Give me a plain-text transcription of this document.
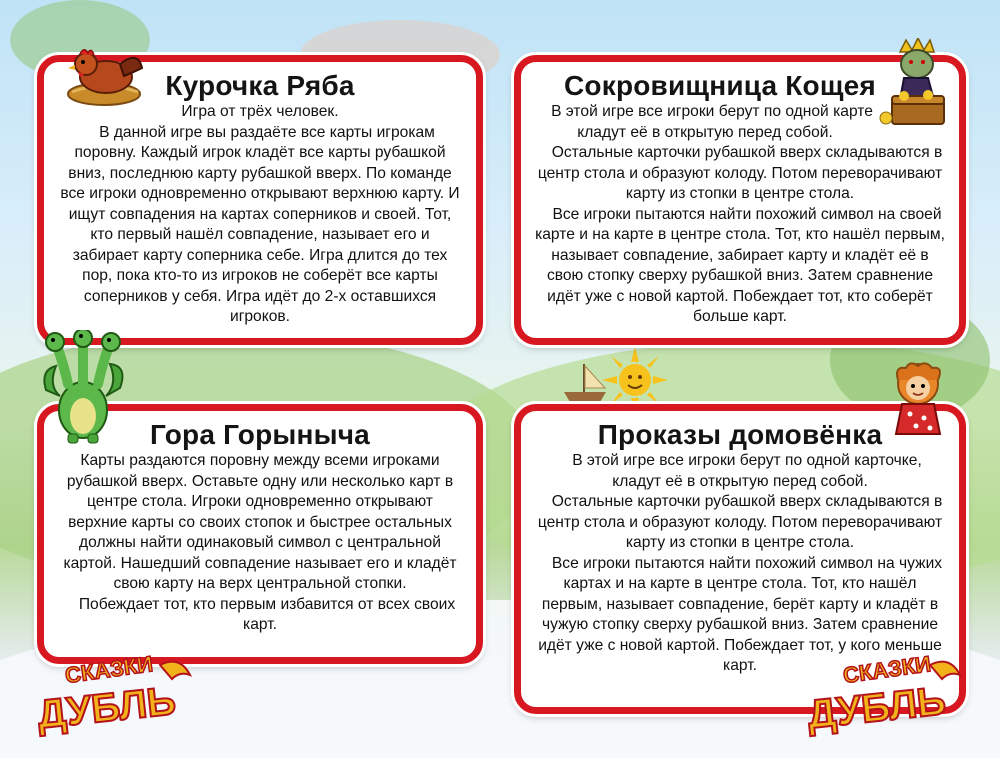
Курочка Ряба

Игра от трёх человек.

В данной игре вы раздаёте все карты игрокам поровну. Каждый игрок кладёт все карты рубашкой вниз, последнюю карту рубашкой вверх. По команде все игроки одновременно открывают верхнюю карту. И ищут совпадения на картах соперников и своей. Тот, кто первый нашёл совпадение, называет его и забирает карту соперника себе. Игра длится до тех пор, пока кто-то из игроков не соберёт все карты соперников у себя. Игра идёт до 2-х оставшихся игроков.

Сокровищница Кощея

В этой игре все игроки берут по одной карте кладут её в открытую перед собой.

Остальные карточки рубашкой вверх складываются в центр стола и образуют колоду. Потом переворачивают карту из стопки в центре стола.

Все игроки пытаются найти похожий символ на своей карте и на карте в центре стола. Тот, кто нашёл первым, называет совпадение, забирает карту и кладёт её в свою стопку сверху рубашкой вниз. Затем сравнение идёт уже с новой картой. Побеждает тот, кто соберёт больше карт.

Гора Горыныча

Карты раздаются поровну между всеми игроками рубашкой вверх. Оставьте одну или несколько карт в центре стола. Игроки одновременно открывают верхние карты со своих стопок и быстрее остальных должны найти одинаковый символ с центральной картой. Нашедший совпадение называет его и кладёт свою карту на верх центральной стопки.

Побеждает тот, кто первым избавится от всех своих карт.

Проказы домовёнка

В этой игре все игроки берут по одной карточке, кладут её в открытую перед собой.

Остальные карточки рубашкой вверх складываются в центр стола и образуют колоду. Потом переворачивают карту из стопки в центре стола.

Все игроки пытаются найти похожий символ на чужих картах и на карте в центре стола. Тот, кто нашёл первым, называет совпадение, берёт карту и кладёт в чужую стопку сверху рубашкой вниз. Затем сравнение идёт уже с новой картой. Побеждает тот, у кого меньше карт.

СКАЗКИ
ДУБЛЬ
СКАЗКИ
ДУБЛЬ
